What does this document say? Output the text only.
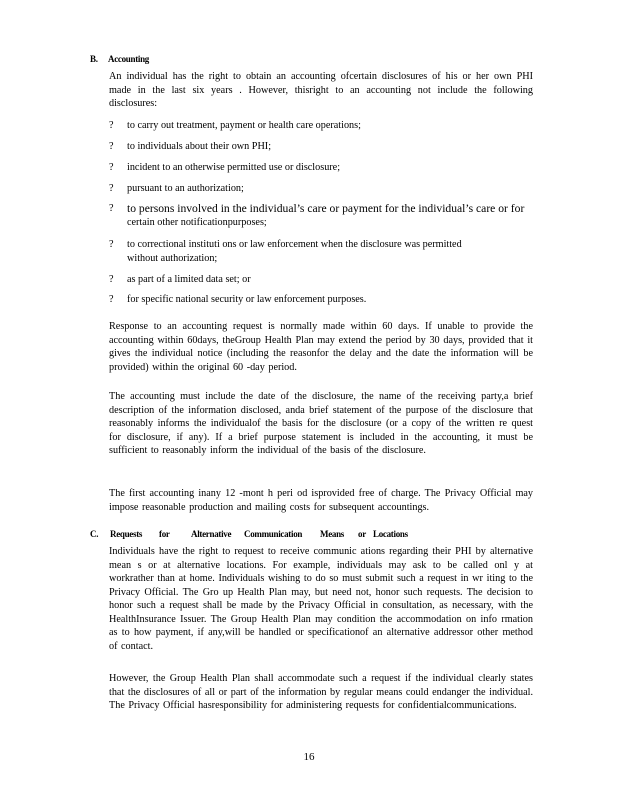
B. Accounting
An individual has the right to obtain an accounting ofcertain disclosures of his or her own PHI made in the last six years . However, thisright to an accounting not include the following disclosures:
? to carry out treatment, payment or health care operations;
? to individuals about their own PHI;
? incident to an otherwise permitted use or disclosure;
? pursuant to an authorization;
? to persons involved in the individual’s care or payment for the individual’s care or for
certain other notificationpurposes;
? to correctional instituti ons or law enforcement when the disclosure was permitted
without authorization;
? as part of a limited data set; or
? for specific national security or law enforcement purposes.
Response to an accounting request is normally made within 60 days. If unable to provide the accounting within 60days, theGroup Health Plan may extend the period by 30 days, provided that it gives the individual notice (including the reasonfor the delay and the date the information will be provided) within the original 60 -day period.
The accounting must include the date of the disclosure, the name of the receiving party,a brief description of the information disclosed, anda brief statement of the purpose of the disclosure that reasonably informs the individualof the basis for the disclosure (or a copy of the written re quest for disclosure, if any). If a brief purpose statement is included in the accounting, it must be sufficient to reasonably inform the individual of the basis of the disclosure.
The first accounting inany 12 -mont h peri od isprovided free of charge. The Privacy Official may impose reasonable production and mailing costs for subsequent accountings.
C. Requests for Alternative Communication Means or Locations
Individuals have the right to request to receive communic ations regarding their PHI by alternative mean s or at alternative locations. For example, individuals may ask to be called onl y at workrather than at home. Individuals wishing to do so must submit such a request in wr iting to the Privacy Official. The Gro up Health Plan may, but need not, honor such requests. The decision to honor such a request shall be made by the Privacy Official in consultation, as necessary, with the HealthInsurance Issuer. The Group Health Plan may condition the accommodation on info rmation as to how payment, if any,will be handled or specificationof an alternative addressor other method of contact.
However, the Group Health Plan shall accommodate such a request if the individual clearly states that the disclosures of all or part of the information by regular means could endanger the individual. The Privacy Official hasresponsibility for administering requests for confidentialcommunications.
16
